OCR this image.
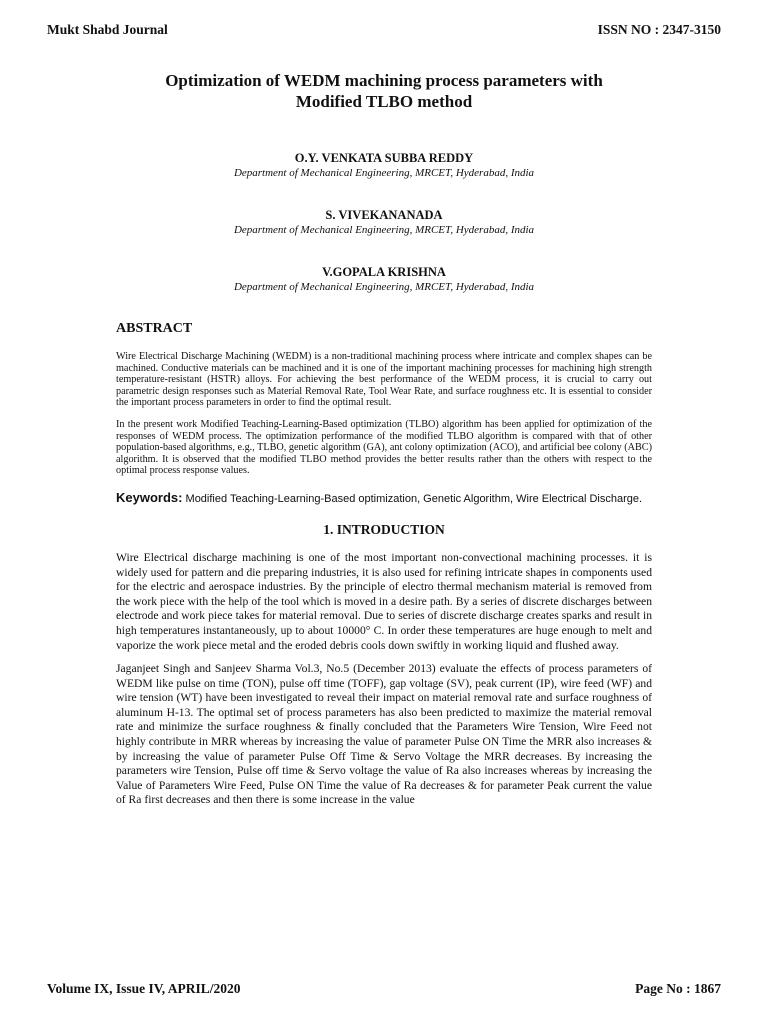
Mukt Shabd Journal	ISSN NO : 2347-3150
Optimization of WEDM machining process parameters with
Modified TLBO method
O.Y. VENKATA SUBBA REDDY
Department of Mechanical Engineering, MRCET, Hyderabad, India
S. VIVEKANANADA
Department of Mechanical Engineering, MRCET, Hyderabad, India
V.GOPALA KRISHNA
Department of Mechanical Engineering, MRCET, Hyderabad, India
ABSTRACT

Wire Electrical Discharge Machining (WEDM) is a non-traditional machining process where intricate and complex shapes can be machined. Conductive materials can be machined and it is one of the important machining processes for machining high strength temperature-resistant (HSTR) alloys. For achieving the best performance of the WEDM process, it is crucial to carry out parametric design responses such as Material Removal Rate, Tool Wear Rate, and surface roughness etc. It is essential to consider the important process parameters in order to find the optimal result.

In the present work Modified Teaching-Learning-Based optimization (TLBO) algorithm has been applied for optimization of the responses of WEDM process. The optimization performance of the modified TLBO algorithm is compared with that of other population-based algorithms, e.g., TLBO, genetic algorithm (GA), ant colony optimization (ACO), and artificial bee colony (ABC) algorithm. It is observed that the modified TLBO method provides the better results rather than the others with respect to the optimal process response values.

Keywords: Modified Teaching-Learning-Based optimization, Genetic Algorithm, Wire Electrical Discharge.
1. INTRODUCTION

Wire Electrical discharge machining is one of the most important non-convectional machining processes. it is widely used for pattern and die preparing industries, it is also used for refining intricate shapes in components used for the electric and aerospace industries. By the principle of electro thermal mechanism material is removed from the work piece with the help of the tool which is moved in a desire path. By a series of discrete discharges between electrode and work piece takes for material removal. Due to series of discrete discharge creates sparks and result in high temperatures instantaneously, up to about 10000° C. In order these temperatures are huge enough to melt and vaporize the work piece metal and the eroded debris cools down swiftly in working liquid and flushed away.

Jaganjeet Singh and Sanjeev Sharma Vol.3, No.5 (December 2013) evaluate the effects of process parameters of WEDM like pulse on time (TON), pulse off time (TOFF), gap voltage (SV), peak current (IP), wire feed (WF) and wire tension (WT) have been investigated to reveal their impact on material removal rate and surface roughness of aluminum H-13. The optimal set of process parameters has also been predicted to maximize the material removal rate and minimize the surface roughness & finally concluded that the Parameters Wire Tension, Wire Feed not highly contribute in MRR whereas by increasing the value of parameter Pulse ON Time the MRR also increases & by increasing the value of parameter Pulse Off Time & Servo Voltage the MRR decreases. By increasing the parameters wire Tension, Pulse off time & Servo voltage the value of Ra also increases whereas by increasing the Value of Parameters Wire Feed, Pulse ON Time the value of Ra decreases & for parameter Peak current the value of Ra first decreases and then there is some increase in the value

Volume IX, Issue IV, APRIL/2020	Page No : 1867
